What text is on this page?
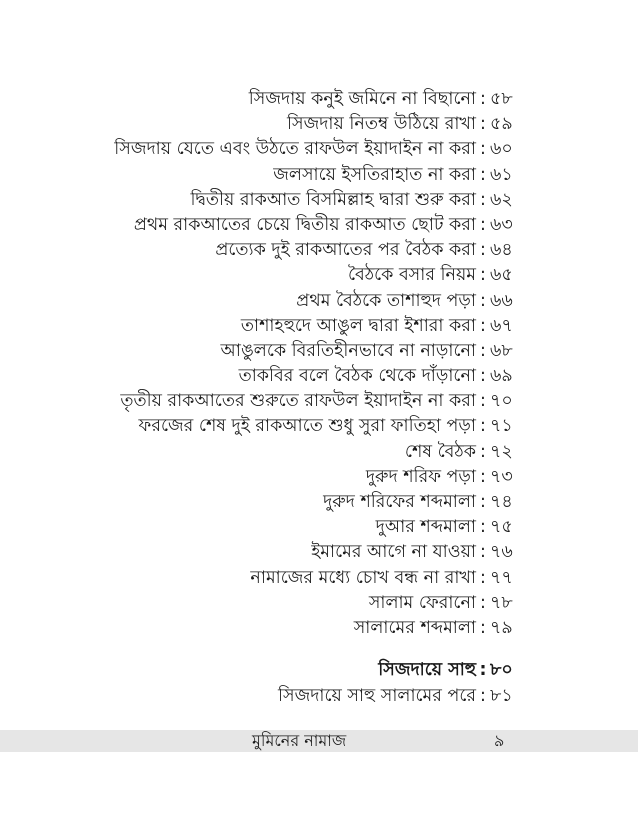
সিজদায় কনুই জমিনে না বিছানো : ৫৮
সিজদায় নিতম্ব উঠিয়ে রাখা : ৫৯
সিজদায় যেতে এবং উঠতে রাফউল ইয়াদাইন না করা : ৬০
জলসায়ে ইসতিরাহাত না করা : ৬১
দ্বিতীয় রাকআত বিসমিল্লাহ দ্বারা শুরু করা : ৬২
প্রথম রাকআতের চেয়ে দ্বিতীয় রাকআত ছোট করা : ৬৩
প্রত্যেক দুই রাকআতের পর বৈঠক করা : ৬৪
বৈঠকে বসার নিয়ম : ৬৫
প্রথম বৈঠকে তাশাহুদ পড়া : ৬৬
তাশাহহুদে আঙুল দ্বারা ইশারা করা : ৬৭
আঙুলকে বিরতিহীনভাবে না নাড়ানো : ৬৮
তাকবির বলে বৈঠক থেকে দাঁড়ানো : ৬৯
তৃতীয় রাকআতের শুরুতে রাফউল ইয়াদাইন না করা : ৭০
ফরজের শেষ দুই রাকআতে শুধু সুরা ফাতিহা পড়া : ৭১
শেষ বৈঠক : ৭২
দুরুদ শরিফ পড়া : ৭৩
দুরুদ শরিফের শব্দমালা : ৭৪
দুআর শব্দমালা : ৭৫
ইমামের আগে না যাওয়া : ৭৬
নামাজের মধ্যে চোখ বন্ধ না রাখা : ৭৭
সালাম ফেরানো : ৭৮
সালামের শব্দমালা : ৭৯
সিজদায়ে সাহু : ৮০
সিজদায়ে সাহু সালামের পরে : ৮১
মুমিনের নামাজ	৯
